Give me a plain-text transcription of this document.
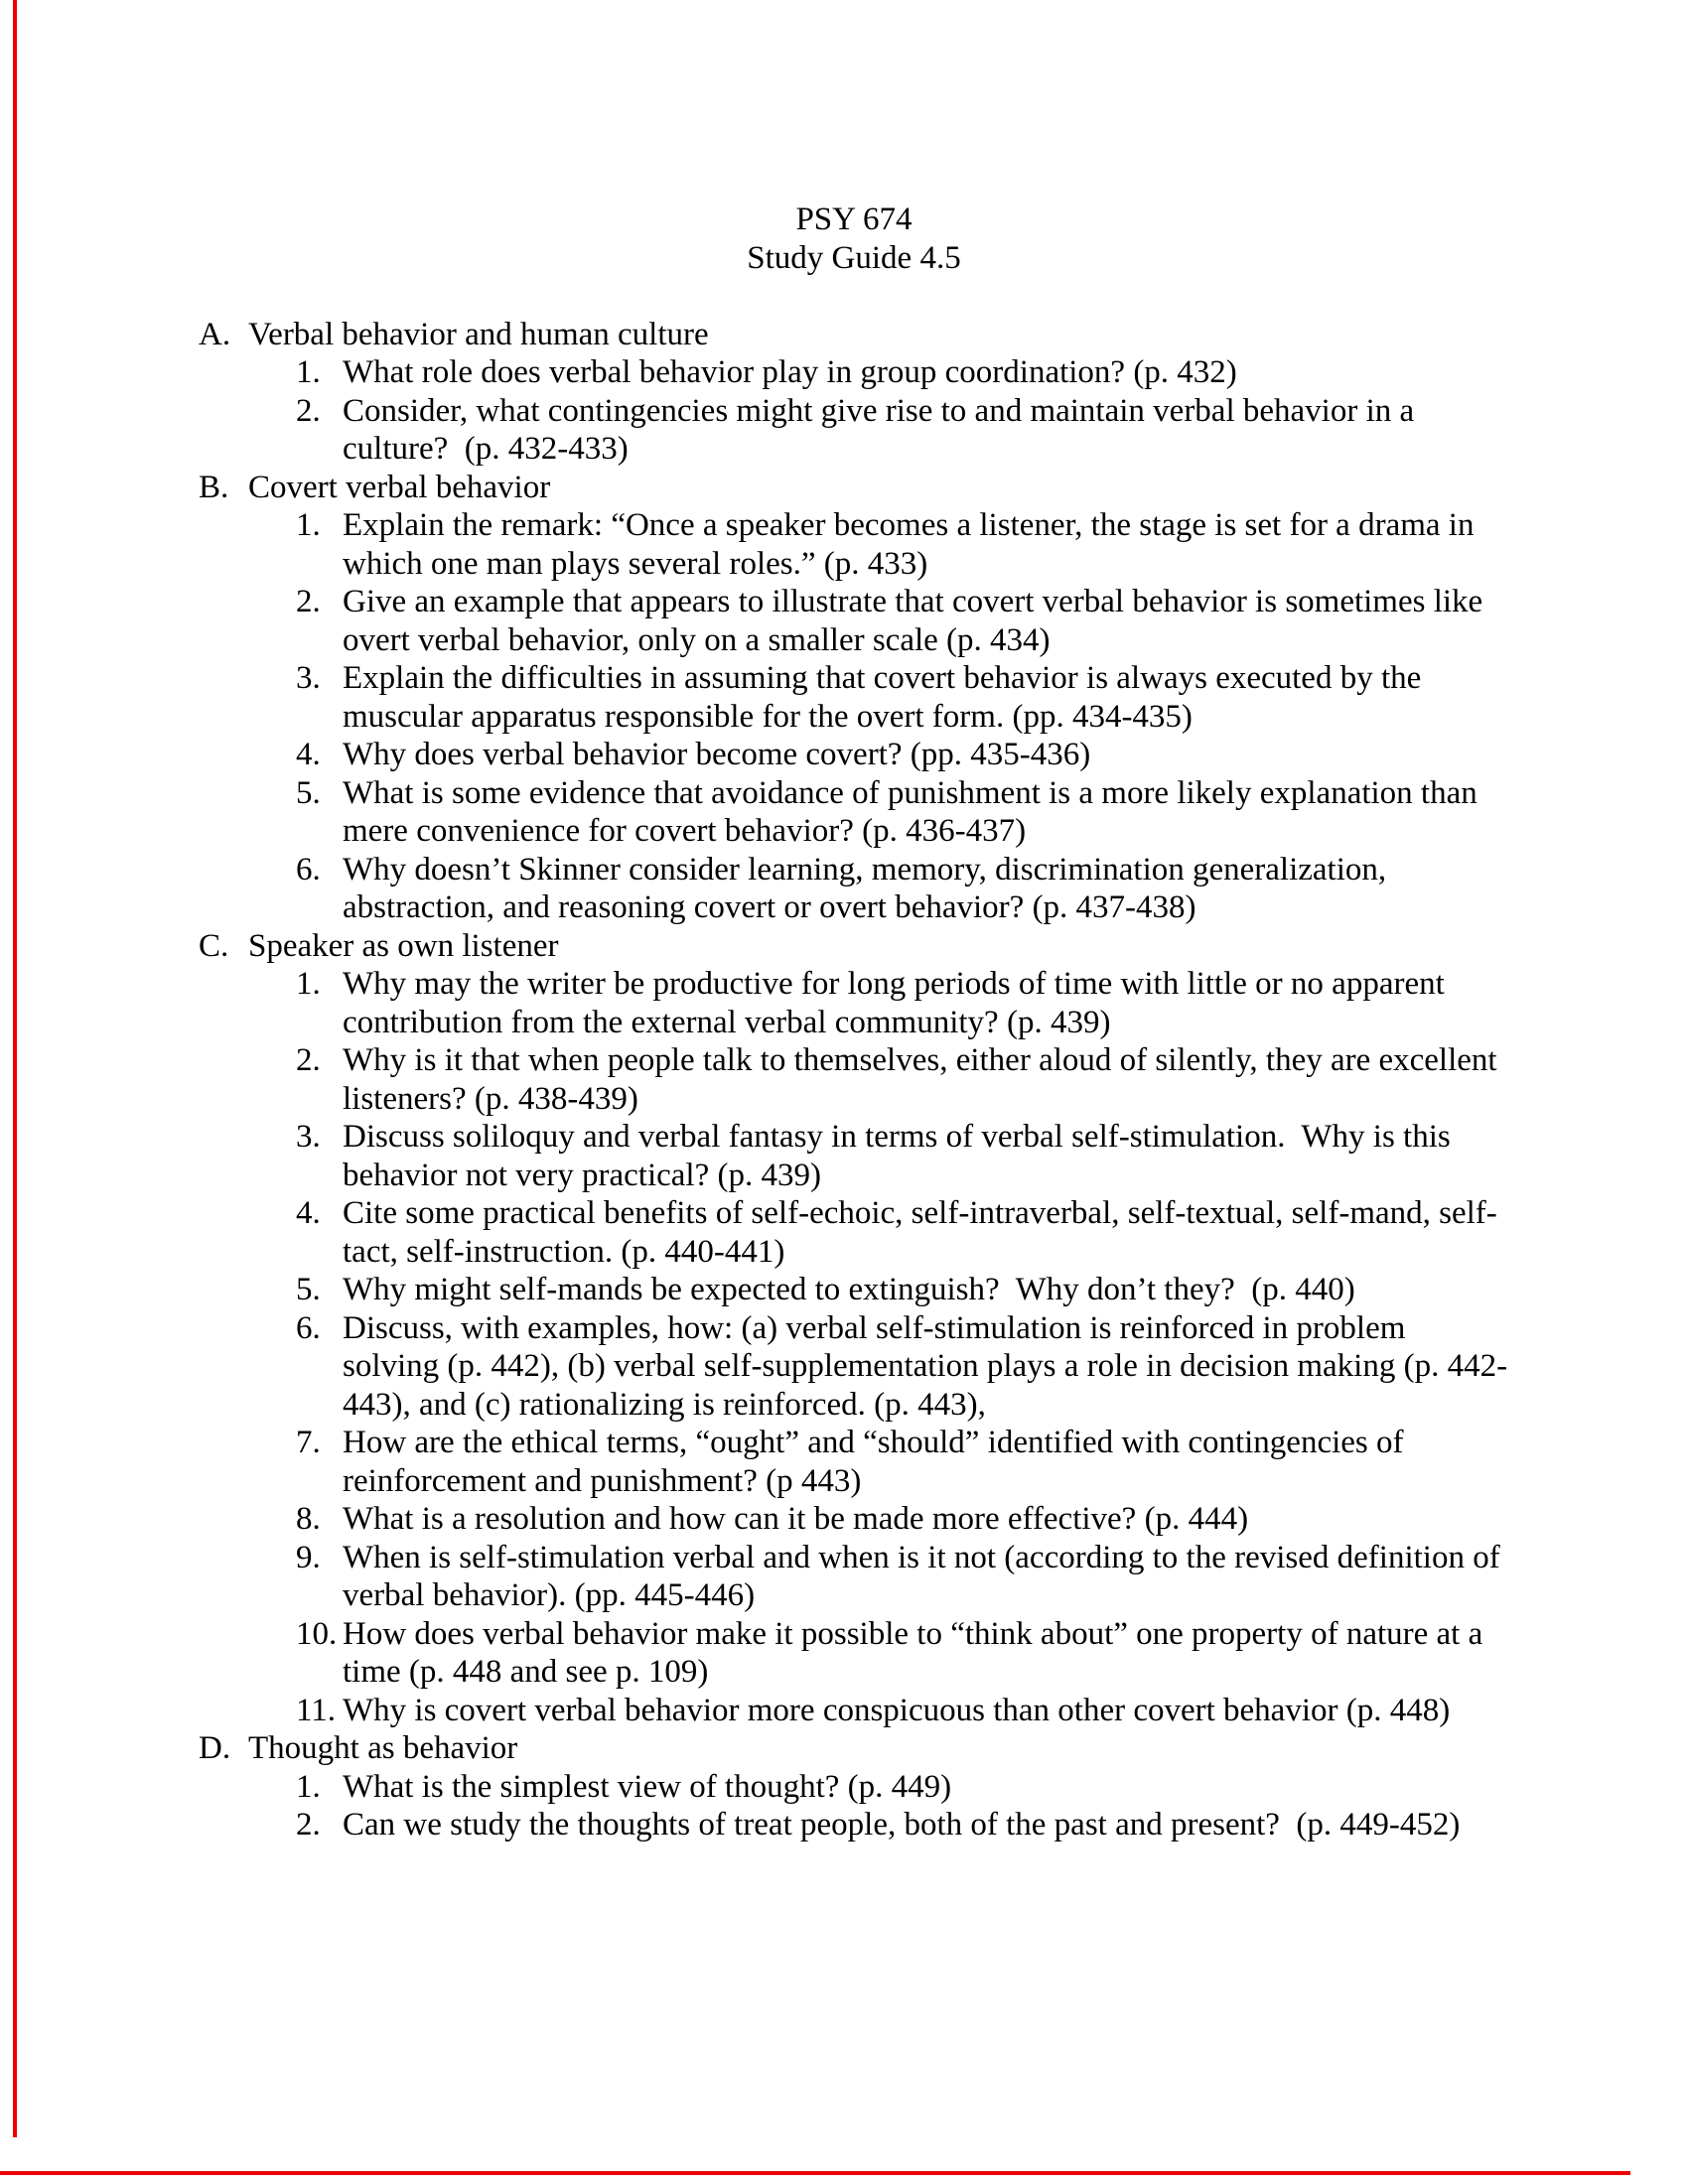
PSY 674
Study Guide 4.5
A. Verbal behavior and human culture
1. What role does verbal behavior play in group coordination? (p. 432)
2. Consider, what contingencies might give rise to and maintain verbal behavior in a culture?  (p. 432-433)
B. Covert verbal behavior
1. Explain the remark: “Once a speaker becomes a listener, the stage is set for a drama in which one man plays several roles.” (p. 433)
2. Give an example that appears to illustrate that covert verbal behavior is sometimes like overt verbal behavior, only on a smaller scale (p. 434)
3. Explain the difficulties in assuming that covert behavior is always executed by the muscular apparatus responsible for the overt form. (pp. 434-435)
4. Why does verbal behavior become covert? (pp. 435-436)
5. What is some evidence that avoidance of punishment is a more likely explanation than mere convenience for covert behavior? (p. 436-437)
6. Why doesn’t Skinner consider learning, memory, discrimination generalization, abstraction, and reasoning covert or overt behavior? (p. 437-438)
C. Speaker as own listener
1. Why may the writer be productive for long periods of time with little or no apparent contribution from the external verbal community? (p. 439)
2. Why is it that when people talk to themselves, either aloud of silently, they are excellent listeners? (p. 438-439)
3. Discuss soliloquy and verbal fantasy in terms of verbal self-stimulation.  Why is this behavior not very practical? (p. 439)
4. Cite some practical benefits of self-echoic, self-intraverbal, self-textual, self-mand, self-tact, self-instruction. (p. 440-441)
5. Why might self-mands be expected to extinguish?  Why don’t they?  (p. 440)
6. Discuss, with examples, how: (a) verbal self-stimulation is reinforced in problem solving (p. 442), (b) verbal self-supplementation plays a role in decision making (p. 442-443), and (c) rationalizing is reinforced. (p. 443),
7. How are the ethical terms, “ought” and “should” identified with contingencies of reinforcement and punishment? (p 443)
8. What is a resolution and how can it be made more effective? (p. 444)
9. When is self-stimulation verbal and when is it not (according to the revised definition of verbal behavior). (pp. 445-446)
10. How does verbal behavior make it possible to “think about” one property of nature at a time (p. 448 and see p. 109)
11. Why is covert verbal behavior more conspicuous than other covert behavior (p. 448)
D. Thought as behavior
1. What is the simplest view of thought? (p. 449)
2. Can we study the thoughts of treat people, both of the past and present?  (p. 449-452)
